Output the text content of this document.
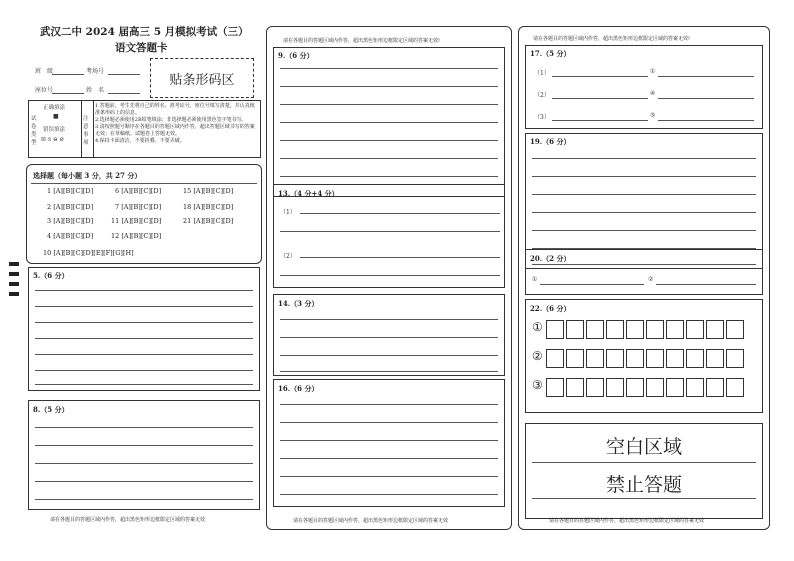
武汉二中 2024 届高三 5 月模拟考试（三）
语文答题卡
班　级	考场号
座位号	姓　名
贴条形码区
试卷类型
正确填涂
■
错误填涂
☒ ⦸ ⊖ ⊘
注意事项
1.答题前，考生先将自己的姓名、准考证号、座位号填写清楚，并认真核准条形码上的信息。
2.选择题必须使用2B铅笔填涂；非选择题必须使用黑色签字笔书写。
3.请按照题号顺序在各题目的答题区域内作答，超出答题区域书写的答案无效；在草稿纸、试题卷上答题无效。
4.保持卡面清洁，不要折叠、不要弄破。
选择题（每小题 3 分，共 27 分）
1 [A][B][C][D]	6 [A][B][C][D]	15 [A][B][C][D]
2 [A][B][C][D]	7 [A][B][C][D]	18 [A][B][C][D]
3 [A][B][C][D]	11 [A][B][C][D]	21 [A][B][C][D]
4 [A][B][C][D]	12 [A][B][C][D]
10 [A][B][C][D][E][F][G][H]
5.（6 分）
8.（5 分）
请在各题目的答题区域内作答，超出黑色矩形边框限定区域的答案无效
请在各题目的答题区域内作答，超出黑色矩形边框限定区域的答案无效!
9.（6 分）
13.（4 分+4 分）
（1）
（2）
14.（3 分）
16.（6 分）
请在各题目的答题区域内作答，超出黑色矩形边框限定区域的答案无效
请在各题目的答题区域内作答，超出黑色矩形边框限定区域的答案无效!
17.（5 分）
（1）	①
（2）	④
（3）	⑤
19.（6 分）
20.（2 分）
①	②
22.（6 分）
①
②
③
空白区域
禁止答题
请在各题目的答题区域内作答，超出黑色矩形边框限定区域的答案无效
